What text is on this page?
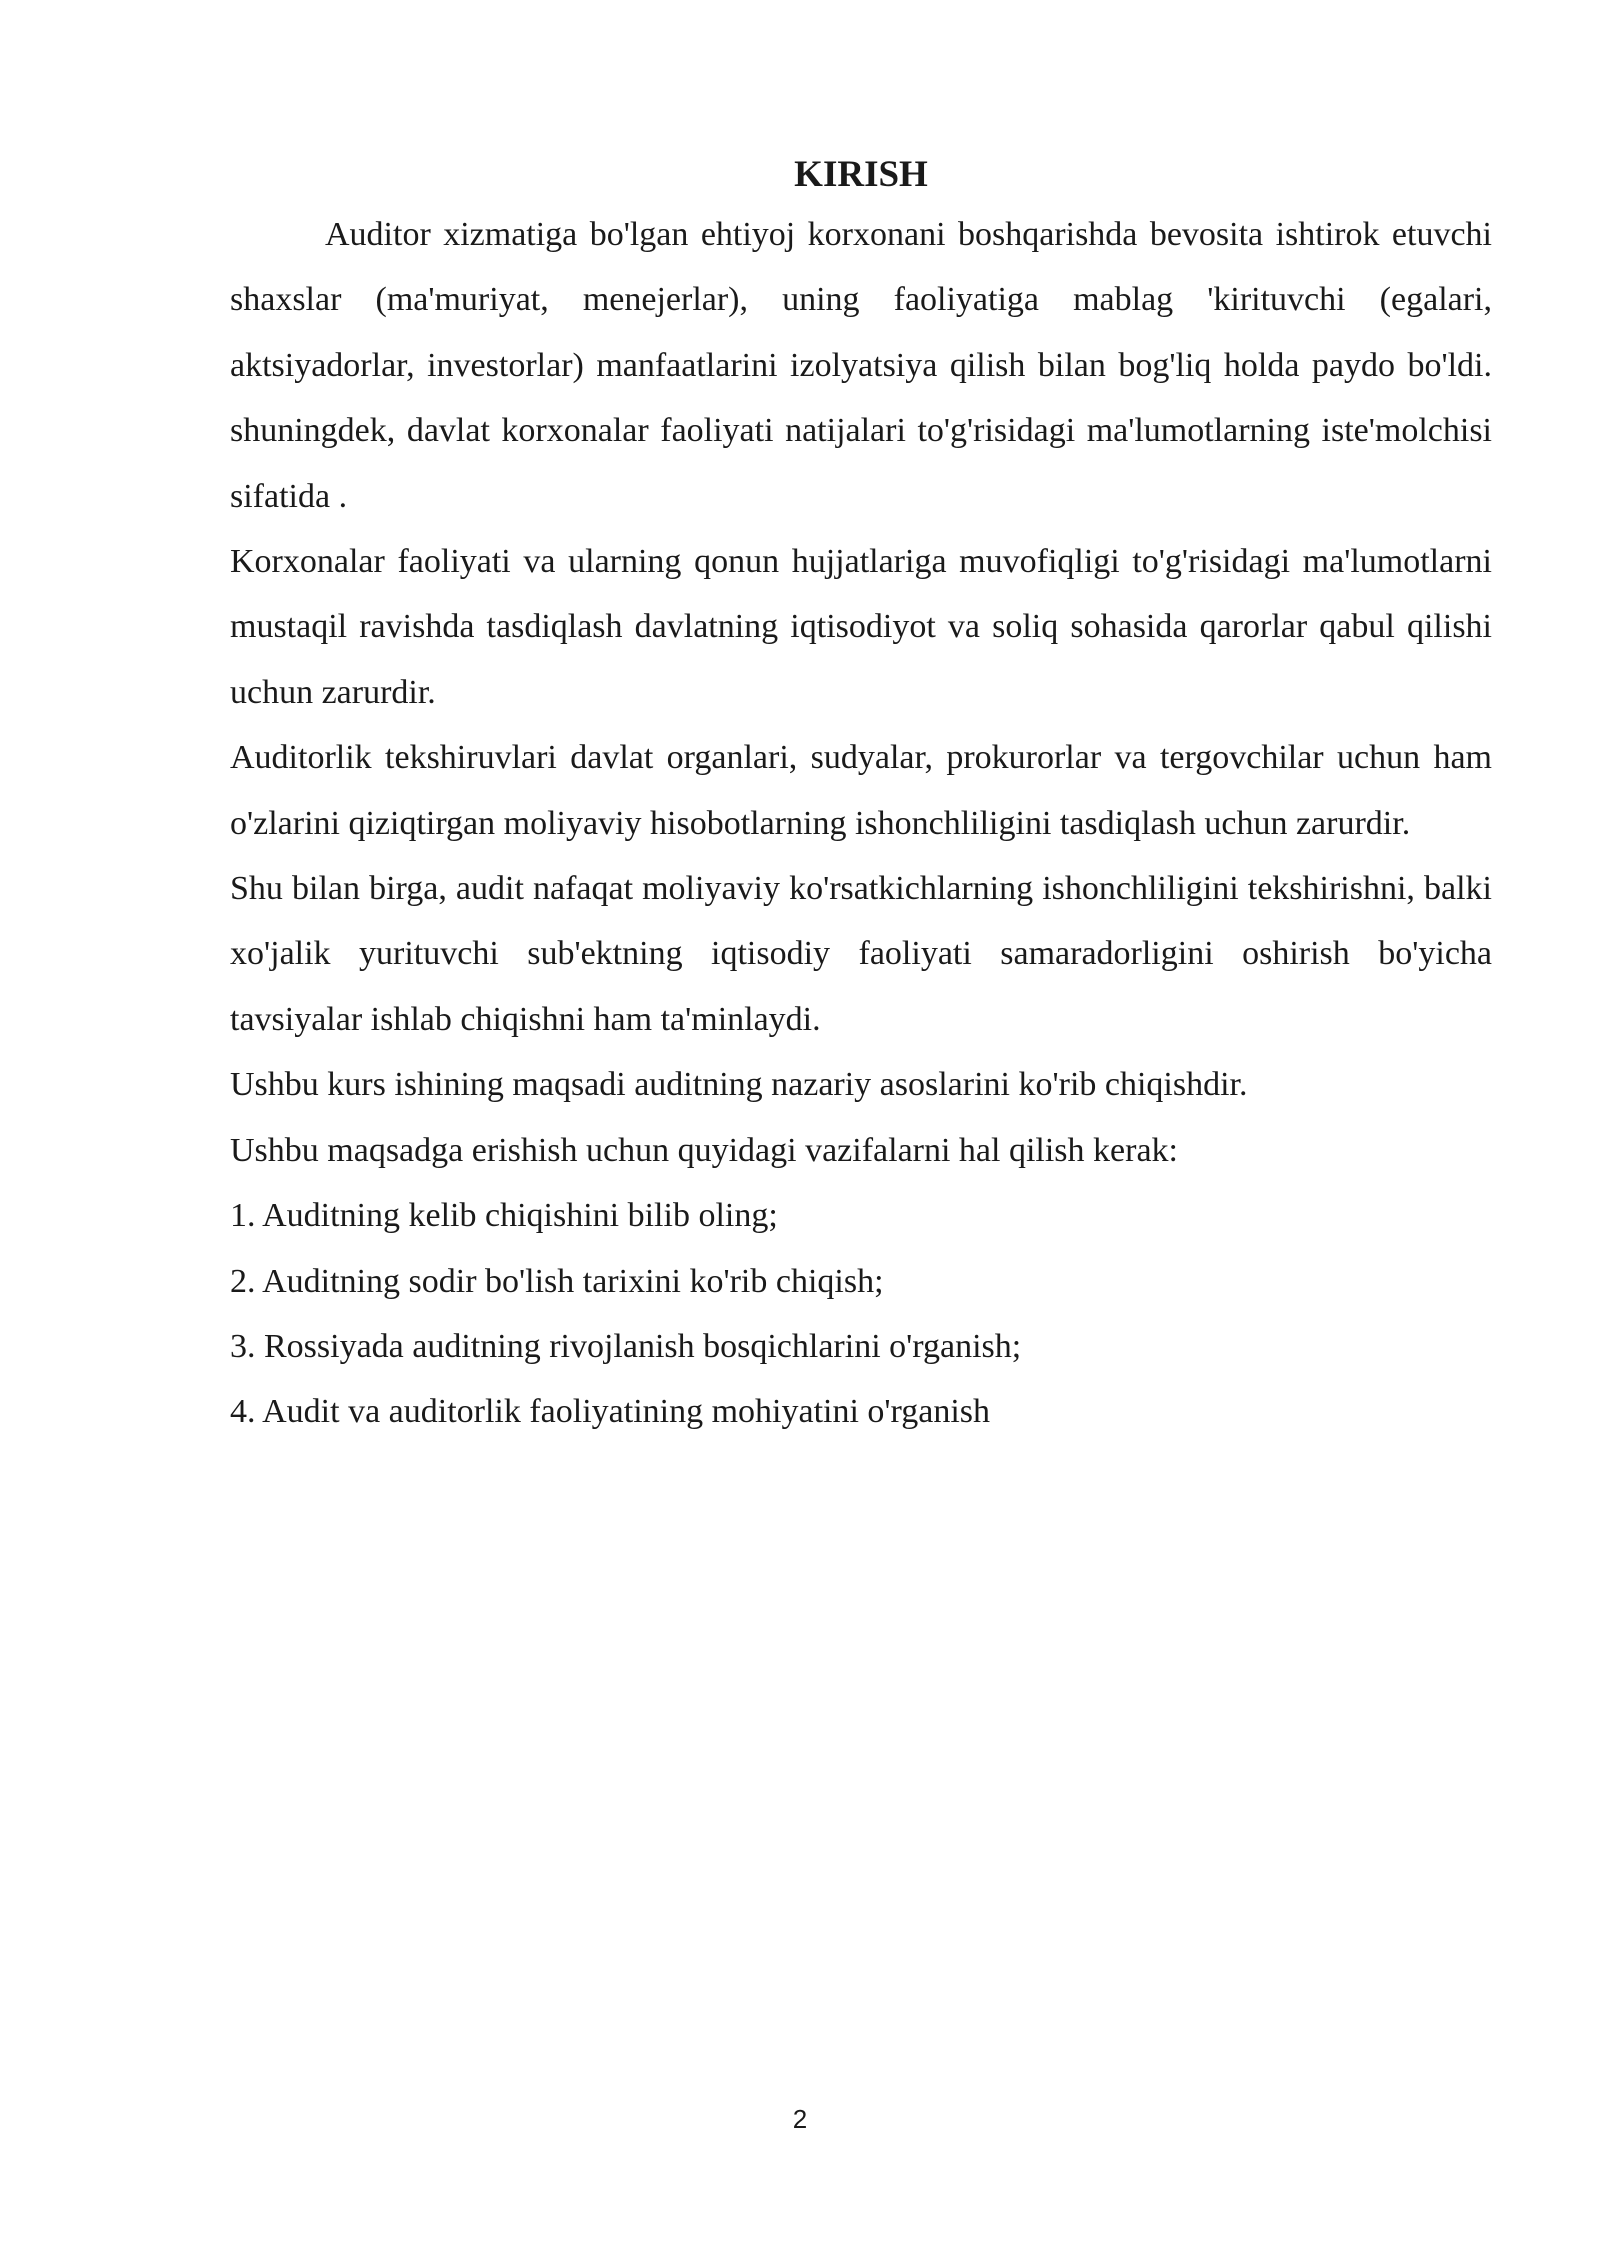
KIRISH

Auditor xizmatiga bo'lgan ehtiyoj korxonani boshqarishda bevosita ishtirok etuvchi shaxslar (ma'muriyat, menejerlar), uning faoliyatiga mablag 'kirituvchi (egalari, aktsiyadorlar, investorlar) manfaatlarini izolyatsiya qilish bilan bog'liq holda paydo bo'ldi. shuningdek, davlat korxonalar faoliyati natijalari to'g'risidagi ma'lumotlarning iste'molchisi sifatida .

Korxonalar faoliyati va ularning qonun hujjatlariga muvofiqligi to'g'risidagi ma'lumotlarni mustaqil ravishda tasdiqlash davlatning iqtisodiyot va soliq sohasida qarorlar qabul qilishi uchun zarurdir.

Auditorlik tekshiruvlari davlat organlari, sudyalar, prokurorlar va tergovchilar uchun ham o'zlarini qiziqtirgan moliyaviy hisobotlarning ishonchliligini tasdiqlash uchun zarurdir.

Shu bilan birga, audit nafaqat moliyaviy ko'rsatkichlarning ishonchliligini tekshirishni, balki xo'jalik yurituvchi sub'ektning iqtisodiy faoliyati samaradorligini oshirish bo'yicha tavsiyalar ishlab chiqishni ham ta'minlaydi.

Ushbu kurs ishining maqsadi auditning nazariy asoslarini ko'rib chiqishdir.

Ushbu maqsadga erishish uchun quyidagi vazifalarni hal qilish kerak:

1. Auditning kelib chiqishini bilib oling;

2. Auditning sodir bo'lish tarixini ko'rib chiqish;

3. Rossiyada auditning rivojlanish bosqichlarini o'rganish;

4. Audit va auditorlik faoliyatining mohiyatini o'rganish

2
